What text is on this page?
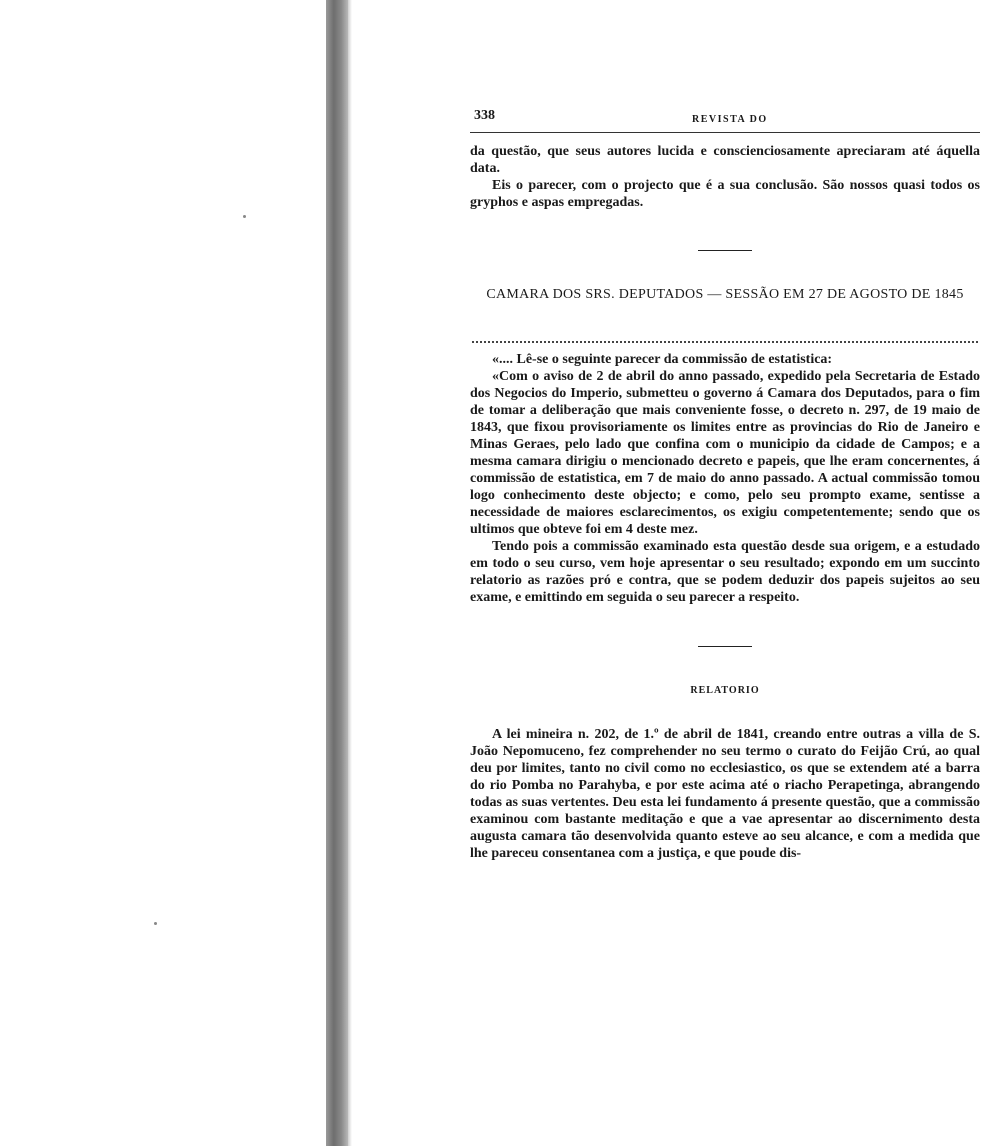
338	REVISTA DO

da questão, que seus autores lucida e conscienciosamente apreciaram até áquella data.

Eis o parecer, com o projecto que é a sua conclusão. São nossos quasi todos os gryphos e aspas empregadas.

CAMARA DOS SRS. DEPUTADOS — SESSÃO EM 27 DE AGOSTO DE 1845

«.... Lê-se o seguinte parecer da commissão de estatistica:

«Com o aviso de 2 de abril do anno passado, expedido pela Secretaria de Estado dos Negocios do Imperio, submetteu o governo á Camara dos Deputados, para o fim de tomar a deliberação que mais conveniente fosse, o decreto n. 297, de 19 maio de 1843, que fixou provisoriamente os limites entre as provincias do Rio de Janeiro e Minas Geraes, pelo lado que confina com o municipio da cidade de Campos; e a mesma camara dirigiu o mencionado decreto e papeis, que lhe eram concernentes, á commissão de estatistica, em 7 de maio do anno passado. A actual commissão tomou logo conhecimento deste objecto; e como, pelo seu prompto exame, sentisse a necessidade de maiores esclarecimentos, os exigiu competentemente; sendo que os ultimos que obteve foi em 4 deste mez.

Tendo pois a commissão examinado esta questão desde sua origem, e a estudado em todo o seu curso, vem hoje apresentar o seu resultado; expondo em um succinto relatorio as razões pró e contra, que se podem deduzir dos papeis sujeitos ao seu exame, e emittindo em seguida o seu parecer a respeito.

RELATORIO

A lei mineira n. 202, de 1.º de abril de 1841, creando entre outras a villa de S. João Nepomuceno, fez comprehender no seu termo o curato do Feijão Crú, ao qual deu por limites, tanto no civil como no ecclesiastico, os que se extendem até a barra do rio Pomba no Parahyba, e por este acima até o riacho Perapetinga, abrangendo todas as suas vertentes. Deu esta lei fundamento á presente questão, que a commissão examinou com bastante meditação e que a vae apresentar ao discernimento desta augusta camara tão desenvolvida quanto esteve ao seu alcance, e com a medida que lhe pareceu consentanea com a justiça, e que poude dis-
